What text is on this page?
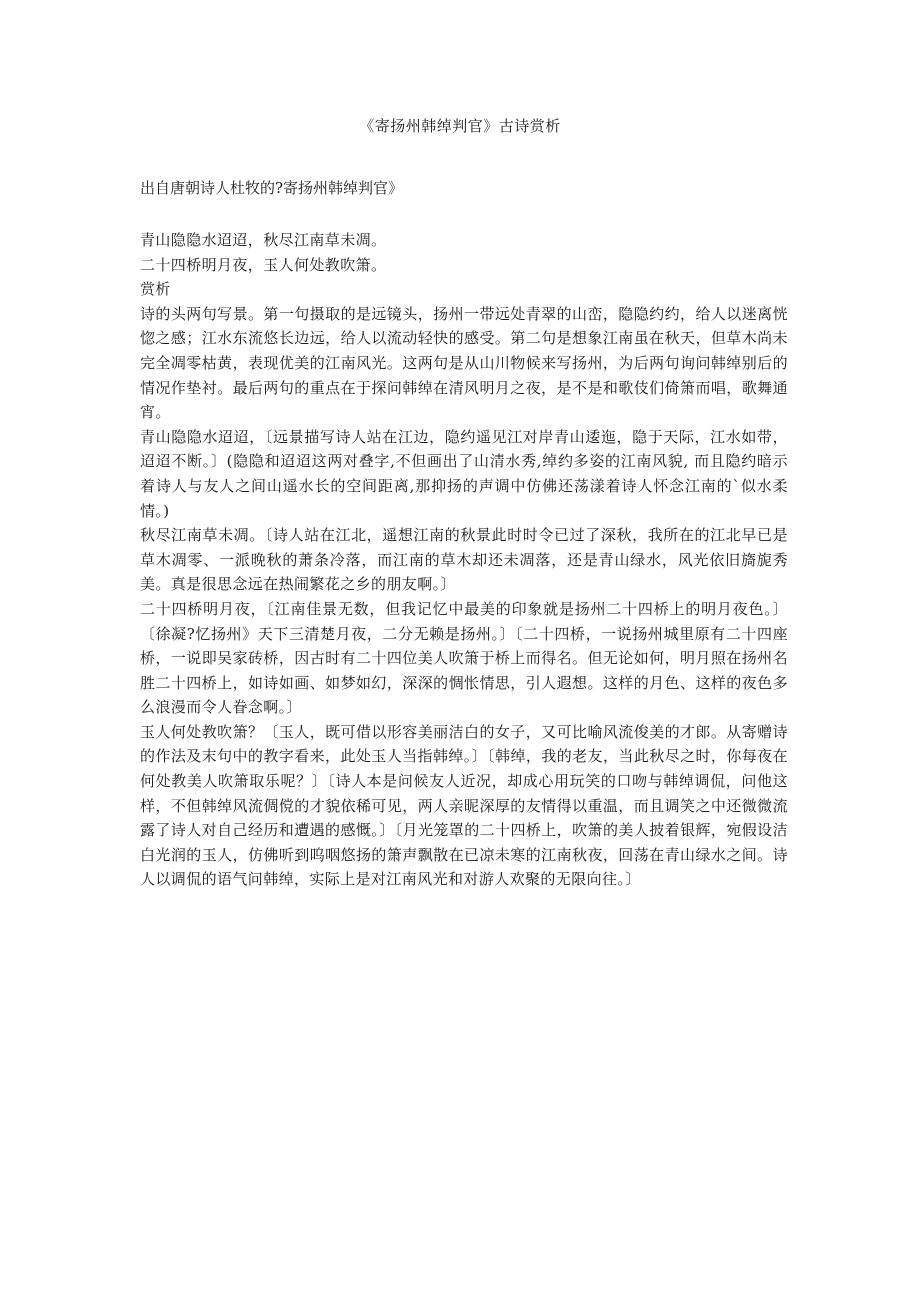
《寄扬州韩绰判官》古诗赏析
出自唐朝诗人杜牧的?寄扬州韩绰判官》

青山隐隐水迢迢，秋尽江南草未凋。

二十四桥明月夜，玉人何处教吹箫。

赏析

诗的头两句写景。第一句摄取的是远镜头，扬州一带远处青翠的山峦，隐隐约约，给人以迷离恍惚之感；江水东流悠长边远，给人以流动轻快的感受。第二句是想象江南虽在秋天，但草木尚未完全凋零枯黄，表现优美的江南风光。这两句是从山川物候来写扬州，为后两句询问韩绰别后的情况作垫衬。最后两句的重点在于探问韩绰在清风明月之夜，是不是和歌伎们倚箫而唱，歌舞通宵。

青山隐隐水迢迢，〔远景描写诗人站在江边，隐约遥见江对岸青山逶迤，隐于天际，江水如带，迢迢不断。〕(隐隐和迢迢这两对叠字,不但画出了山清水秀,绰约多姿的江南风貌, 而且隐约暗示着诗人与友人之间山遥水长的空间距离,那抑扬的声调中仿佛还荡漾着诗人怀念江南的`似水柔情。)

秋尽江南草未凋。〔诗人站在江北，遥想江南的秋景此时时令已过了深秋，我所在的江北早已是草木凋零、一派晚秋的萧条冷落，而江南的草木却还未凋落，还是青山绿水，风光依旧旖旎秀美。真是很思念远在热闹繁花之乡的朋友啊。〕

二十四桥明月夜，〔江南佳景无数，但我记忆中最美的印象就是扬州二十四桥上的明月夜色。〕〔徐凝?忆扬州》天下三清楚月夜，二分无赖是扬州。〕〔二十四桥，一说扬州城里原有二十四座桥，一说即吴家砖桥，因古时有二十四位美人吹箫于桥上而得名。但无论如何，明月照在扬州名胜二十四桥上，如诗如画、如梦如幻，深深的惆怅情思，引人遐想。这样的月色、这样的夜色多么浪漫而令人眷念啊。〕

玉人何处教吹箫？〔玉人，既可借以形容美丽洁白的女子，又可比喻风流俊美的才郎。从寄赠诗的作法及末句中的教字看来，此处玉人当指韩绰。〕〔韩绰，我的老友，当此秋尽之时，你每夜在何处教美人吹箫取乐呢？〕〔诗人本是问候友人近况，却成心用玩笑的口吻与韩绰调侃，问他这样，不但韩绰风流倜傥的才貌依稀可见，两人亲昵深厚的友情得以重温，而且调笑之中还微微流露了诗人对自己经历和遭遇的感慨。〕〔月光笼罩的二十四桥上，吹箫的美人披着银辉，宛假设洁白光润的玉人，仿佛听到呜咽悠扬的箫声飘散在已凉未寒的江南秋夜，回荡在青山绿水之间。诗人以调侃的语气问韩绰，实际上是对江南风光和对游人欢聚的无限向往。〕
